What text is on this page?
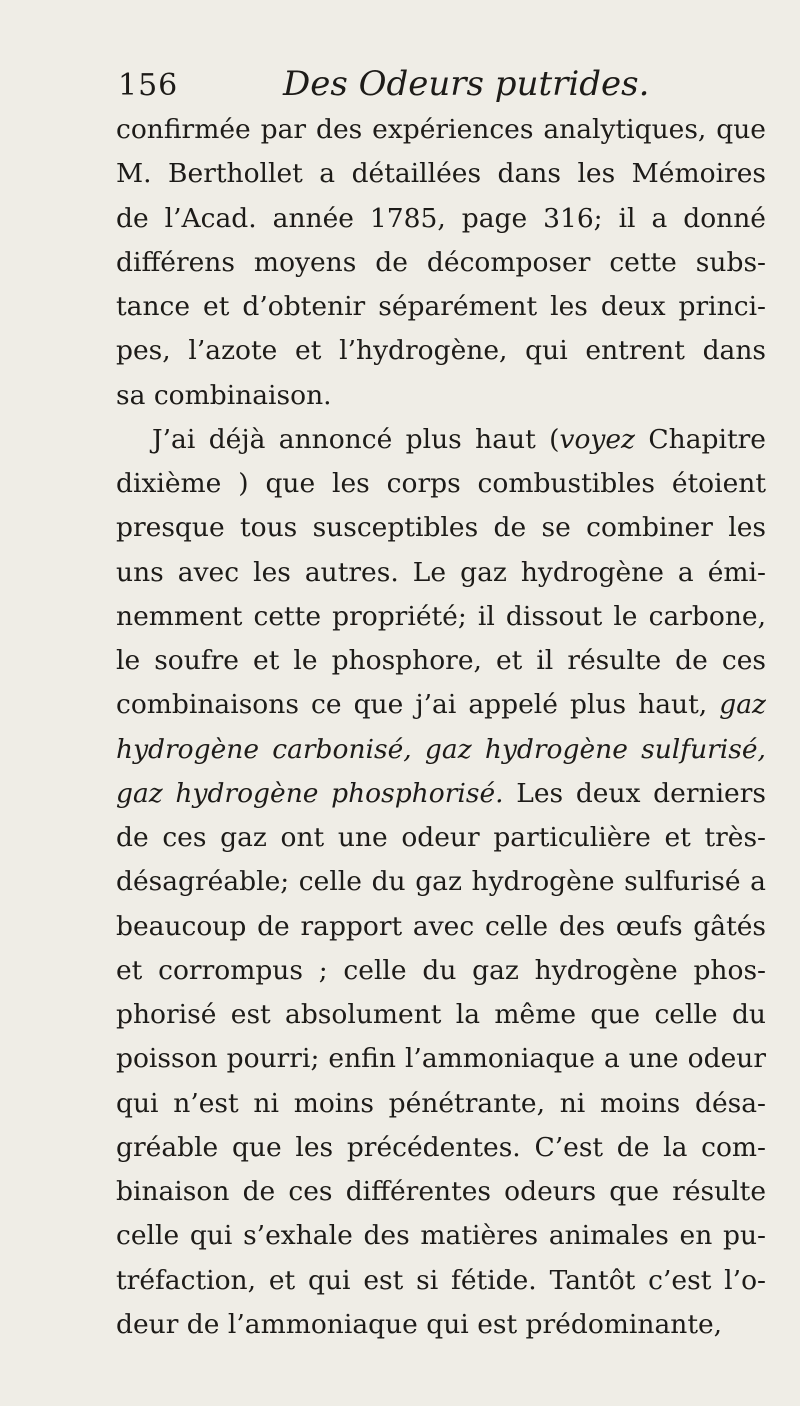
156	Des Odeurs putrides.
confirmée par des expériences analytiques, que
M. Berthollet a détaillées dans les Mémoires
de l’Acad. année 1785, page 316; il a donné
différens moyens de décomposer cette subs-
tance et d’obtenir séparément les deux princi-
pes, l’azote et l’hydrogène, qui entrent dans
sa combinaison.
J’ai déjà annoncé plus haut (voyez Chapitre
dixième ) que les corps combustibles étoient
presque tous susceptibles de se combiner les
uns avec les autres. Le gaz hydrogène a émi-
nemment cette propriété; il dissout le carbone,
le soufre et le phosphore, et il résulte de ces
combinaisons ce que j’ai appelé plus haut, gaz
hydrogène carbonisé, gaz hydrogène sulfurisé,
gaz hydrogène phosphorisé. Les deux derniers
de ces gaz ont une odeur particulière et très-
désagréable; celle du gaz hydrogène sulfurisé a
beaucoup de rapport avec celle des œufs gâtés
et corrompus ; celle du gaz hydrogène phos-
phorisé est absolument la même que celle du
poisson pourri; enfin l’ammoniaque a une odeur
qui n’est ni moins pénétrante, ni moins désa-
gréable que les précédentes. C’est de la com-
binaison de ces différentes odeurs que résulte
celle qui s’exhale des matières animales en pu-
tréfaction, et qui est si fétide. Tantôt c’est l’o-
deur de l’ammoniaque qui est prédominante,
